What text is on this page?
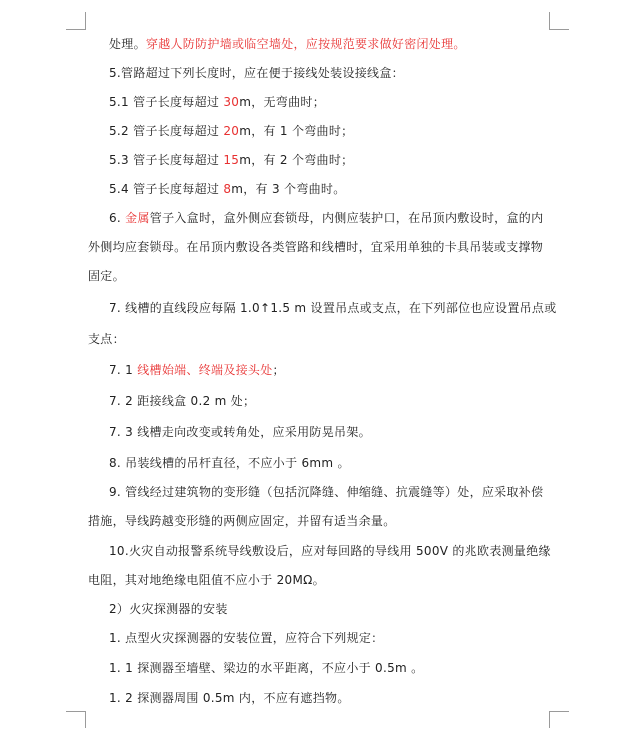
处理。穿越人防防护墙或临空墙处，应按规范要求做好密闭处理。
5.管路超过下列长度时，应在便于接线处装设接线盒：
5.1 管子长度每超过 30m，无弯曲时；
5.2 管子长度每超过 20m，有 1 个弯曲时；
5.3 管子长度每超过 15m，有 2 个弯曲时；
5.4 管子长度每超过 8m，有 3 个弯曲时。
6. 金属管子入盒时，盒外侧应套锁母，内侧应装护口，在吊顶内敷设时，盒的内
外侧均应套锁母。在吊顶内敷设各类管路和线槽时，宜采用单独的卡具吊装或支撑物
固定。
7. 线槽的直线段应每隔 1.0↑1.5 m 设置吊点或支点，在下列部位也应设置吊点或
支点：
7. 1 线槽始端、终端及接头处；
7. 2 距接线盒 0.2 m 处；
7. 3 线槽走向改变或转角处，应采用防晃吊架。
8. 吊装线槽的吊杆直径，不应小于 6mm 。
9. 管线经过建筑物的变形缝（包括沉降缝、伸缩缝、抗震缝等）处，应采取补偿
措施，导线跨越变形缝的两侧应固定，并留有适当余量。
10.火灾自动报警系统导线敷设后，应对每回路的导线用 500V 的兆欧表测量绝缘
电阻，其对地绝缘电阻值不应小于 20MΩ。
2）火灾探测器的安装
1. 点型火灾探测器的安装位置，应符合下列规定：
1. 1 探测器至墙壁、梁边的水平距离，不应小于 0.5m 。
1. 2 探测器周围 0.5m 内，不应有遮挡物。
